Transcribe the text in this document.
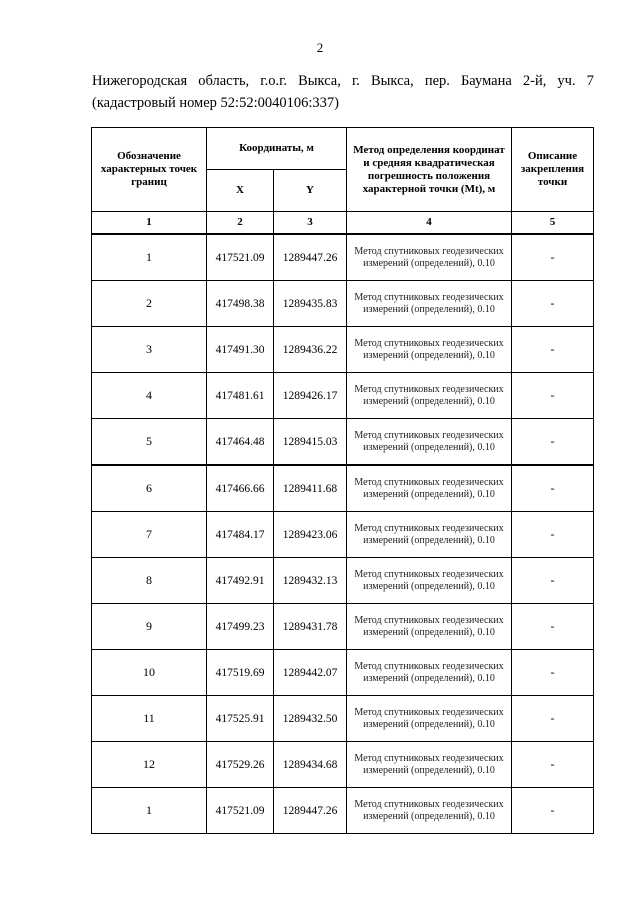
2
Нижегородская область, г.о.г. Выкса, г. Выкса, пер. Баумана 2-й, уч. 7
(кадастровый номер 52:52:0040106:337)
Обозначение характерных точек границ	Координаты, м		Метод определения координат и средняя квадратическая погрешность положения характерной точки (Mt), м	Описание закрепления точки
	X	Y		
1	2	3	4	5
1	417521.09	1289447.26	Метод спутниковых геодезических измерений (определений), 0.10	-
2	417498.38	1289435.83	Метод спутниковых геодезических измерений (определений), 0.10	-
3	417491.30	1289436.22	Метод спутниковых геодезических измерений (определений), 0.10	-
4	417481.61	1289426.17	Метод спутниковых геодезических измерений (определений), 0.10	-
5	417464.48	1289415.03	Метод спутниковых геодезических измерений (определений), 0.10	-
6	417466.66	1289411.68	Метод спутниковых геодезических измерений (определений), 0.10	-
7	417484.17	1289423.06	Метод спутниковых геодезических измерений (определений), 0.10	-
8	417492.91	1289432.13	Метод спутниковых геодезических измерений (определений), 0.10	-
9	417499.23	1289431.78	Метод спутниковых геодезических измерений (определений), 0.10	-
10	417519.69	1289442.07	Метод спутниковых геодезических измерений (определений), 0.10	-
11	417525.91	1289432.50	Метод спутниковых геодезических измерений (определений), 0.10	-
12	417529.26	1289434.68	Метод спутниковых геодезических измерений (определений), 0.10	-
1	417521.09	1289447.26	Метод спутниковых геодезических измерений (определений), 0.10	-
